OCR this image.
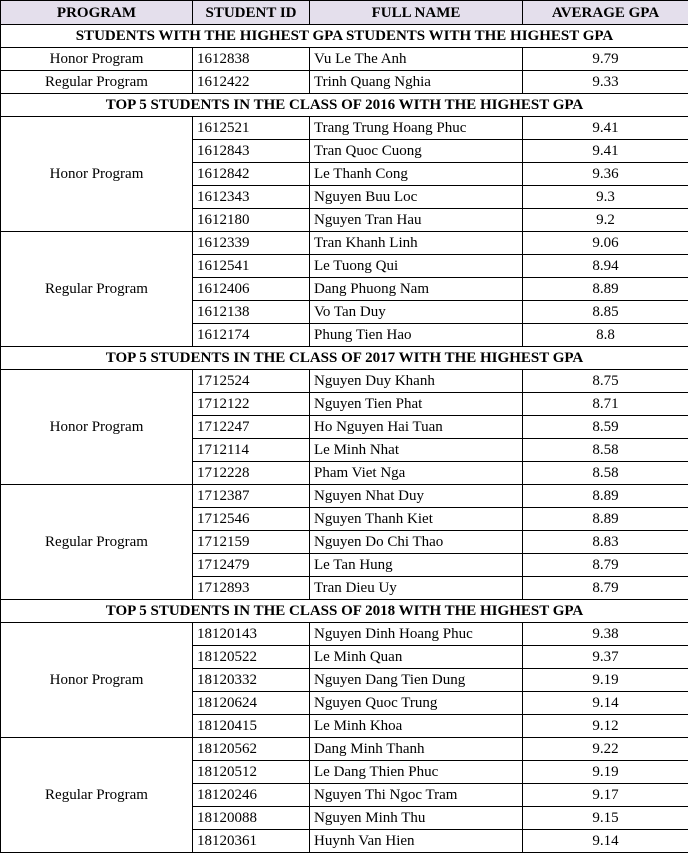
PROGRAM	STUDENT ID	FULL NAME	AVERAGE GPA
STUDENTS WITH THE HIGHEST GPA STUDENTS WITH THE HIGHEST GPA			
Honor Program	1612838	Vu Le The Anh	9.79
Regular Program	1612422	Trinh Quang Nghia	9.33
TOP 5 STUDENTS IN THE CLASS OF 2016 WITH THE HIGHEST GPA			
Honor Program	1612521	Trang Trung Hoang Phuc	9.41
	1612843	Tran Quoc Cuong	9.41
	1612842	Le Thanh Cong	9.36
	1612343	Nguyen Buu Loc	9.3
	1612180	Nguyen Tran Hau	9.2
Regular Program	1612339	Tran Khanh Linh	9.06
	1612541	Le Tuong Qui	8.94
	1612406	Dang Phuong Nam	8.89
	1612138	Vo Tan Duy	8.85
	1612174	Phung Tien Hao	8.8
TOP 5 STUDENTS IN THE CLASS OF 2017 WITH THE HIGHEST GPA			
Honor Program	1712524	Nguyen Duy Khanh	8.75
	1712122	Nguyen Tien Phat	8.71
	1712247	Ho Nguyen Hai Tuan	8.59
	1712114	Le Minh Nhat	8.58
	1712228	Pham Viet Nga	8.58
Regular Program	1712387	Nguyen Nhat Duy	8.89
	1712546	Nguyen Thanh Kiet	8.89
	1712159	Nguyen Do Chi Thao	8.83
	1712479	Le Tan Hung	8.79
	1712893	Tran Dieu Uy	8.79
TOP 5 STUDENTS IN THE CLASS OF 2018 WITH THE HIGHEST GPA			
Honor Program	18120143	Nguyen Dinh Hoang Phuc	9.38
	18120522	Le Minh Quan	9.37
	18120332	Nguyen Dang Tien Dung	9.19
	18120624	Nguyen Quoc Trung	9.14
	18120415	Le Minh Khoa	9.12
Regular Program	18120562	Dang Minh Thanh	9.22
	18120512	Le Dang Thien Phuc	9.19
	18120246	Nguyen Thi Ngoc Tram	9.17
	18120088	Nguyen Minh Thu	9.15
	18120361	Huynh Van Hien	9.14
